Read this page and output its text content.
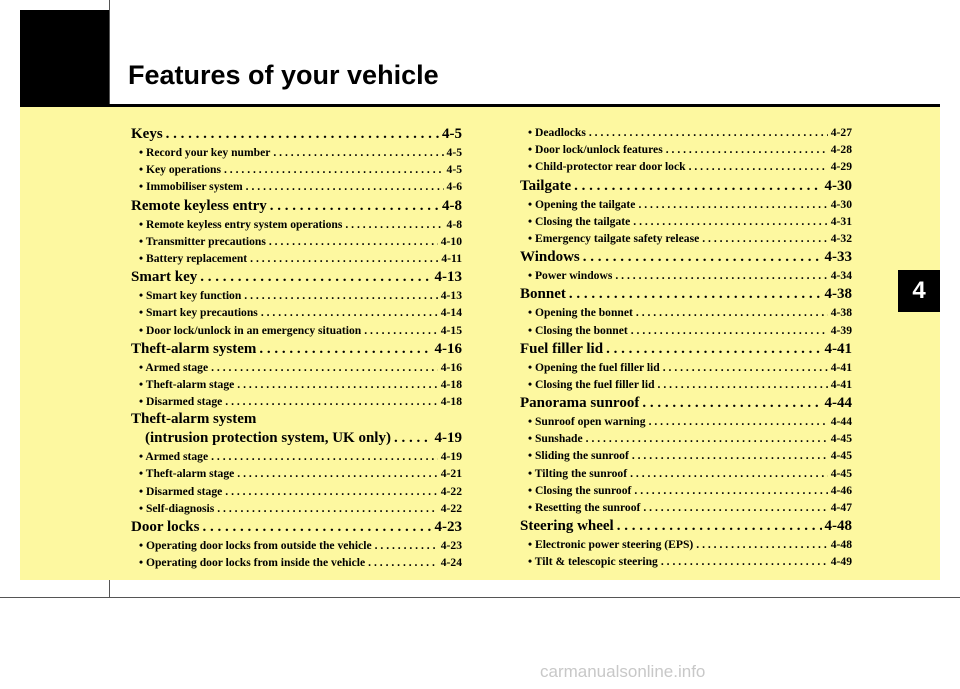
Features of your vehicle
4
Keys . . .	4-5
• Record your key number . . .	4-5
• Key operations . . .	4-5
• Immobiliser system . . .	4-6
Remote keyless entry . . .	4-8
• Remote keyless entry system operations . . .	4-8
• Transmitter precautions . . .	4-10
• Battery replacement . . .	4-11
Smart key . . .	4-13
• Smart key function . . .	4-13
• Smart key precautions . . .	4-14
• Door lock/unlock in an emergency situation . . .	4-15
Theft-alarm system . . .	4-16
• Armed stage . . .	4-16
• Theft-alarm stage . . .	4-18
• Disarmed stage . . .	4-18
Theft-alarm system
(intrusion protection system, UK only) . . .	4-19
• Armed stage . . .	4-19
• Theft-alarm stage . . .	4-21
• Disarmed stage . . .	4-22
• Self-diagnosis . . .	4-22
Door locks . . .	4-23
• Operating door locks from outside the vehicle . . .	4-23
• Operating door locks from inside the vehicle . . .	4-24
• Deadlocks . . .	4-27
• Door lock/unlock features . . .	4-28
• Child-protector rear door lock . . .	4-29
Tailgate . . .	4-30
• Opening the tailgate . . .	4-30
• Closing the tailgate . . .	4-31
• Emergency tailgate safety release . . .	4-32
Windows . . .	4-33
• Power windows . . .	4-34
Bonnet . . .	4-38
• Opening the bonnet . . .	4-38
• Closing the bonnet . . .	4-39
Fuel filler lid . . .	4-41
• Opening the fuel filler lid . . .	4-41
• Closing the fuel filler lid . . .	4-41
Panorama sunroof . . .	4-44
• Sunroof open warning . . .	4-44
• Sunshade . . .	4-45
• Sliding the sunroof . . .	4-45
• Tilting the sunroof . . .	4-45
• Closing the sunroof . . .	4-46
• Resetting the sunroof . . .	4-47
Steering wheel . . .	4-48
• Electronic power steering (EPS) . . .	4-48
• Tilt & telescopic steering . . .	4-49
carmanualsonline.info
